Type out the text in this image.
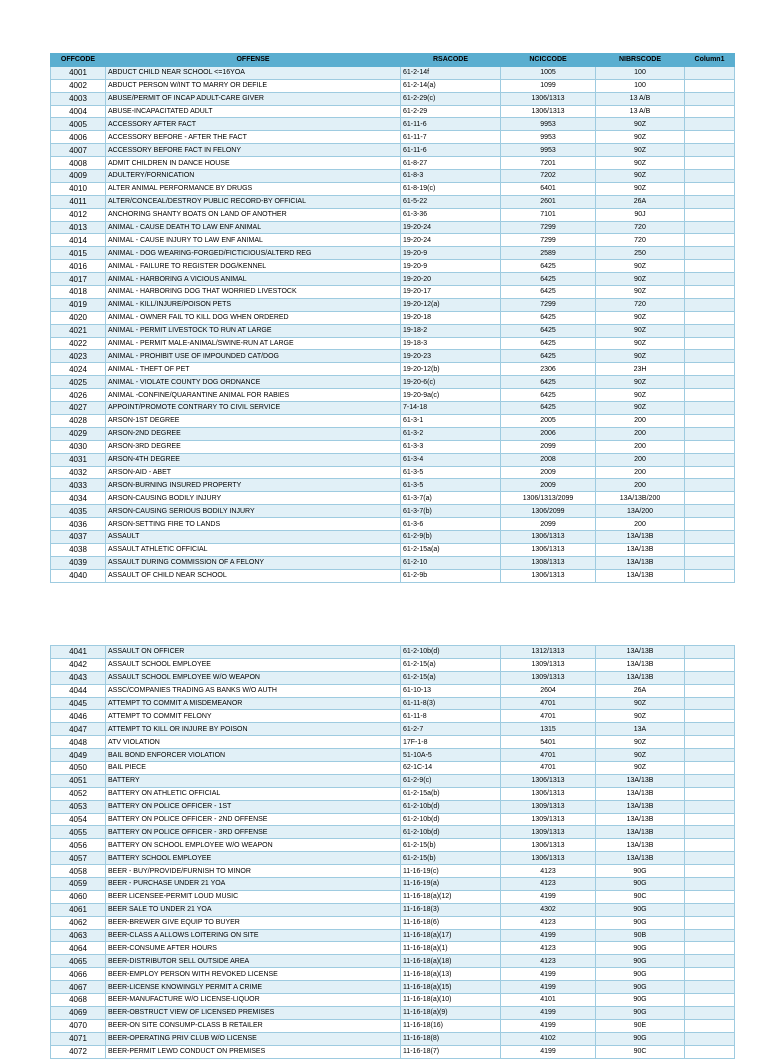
OFFCODE	OFFENSE	RSACODE	NCICCODE	NIBRSCODE	Column1
4001	ABDUCT CHILD NEAR SCHOOL <=16YOA	61-2-14f	1005	100	
4002	ABDUCT PERSON W/INT TO MARRY OR DEFILE	61-2-14(a)	1099	100	
4003	ABUSE/PERMIT OF INCAP ADULT-CARE GIVER	61-2-29(c)	1306/1313	13 A/B	
4004	ABUSE-INCAPACITATED ADULT	61-2-29	1306/1313	13 A/B	
4005	ACCESSORY AFTER FACT	61-11-6	9953	90Z	
4006	ACCESSORY BEFORE - AFTER THE FACT	61-11-7	9953	90Z	
4007	ACCESSORY BEFORE FACT IN FELONY	61-11-6	9953	90Z	
4008	ADMIT CHILDREN IN DANCE HOUSE	61-8-27	7201	90Z	
4009	ADULTERY/FORNICATION	61-8-3	7202	90Z	
4010	ALTER ANIMAL PERFORMANCE BY DRUGS	61-8-19(c)	6401	90Z	
4011	ALTER/CONCEAL/DESTROY PUBLIC RECORD-BY OFFICIAL	61-5-22	2601	26A	
4012	ANCHORING SHANTY BOATS ON LAND OF ANOTHER	61-3-36	7101	90J	
4013	ANIMAL - CAUSE DEATH TO LAW ENF ANIMAL	19-20-24	7299	720	
4014	ANIMAL - CAUSE INJURY TO LAW ENF ANIMAL	19-20-24	7299	720	
4015	ANIMAL - DOG WEARING-FORGED/FICTICIOUS/ALTERD REG	19-20-9	2589	250	
4016	ANIMAL - FAILURE TO REGISTER DOG/KENNEL	19-20-9	6425	90Z	
4017	ANIMAL - HARBORING A VICIOUS ANIMAL	19-20-20	6425	90Z	
4018	ANIMAL - HARBORING DOG THAT WORRIED LIVESTOCK	19-20-17	6425	90Z	
4019	ANIMAL - KILL/INJURE/POISON PETS	19-20-12(a)	7299	720	
4020	ANIMAL - OWNER FAIL TO KILL DOG WHEN ORDERED	19-20-18	6425	90Z	
4021	ANIMAL - PERMIT LIVESTOCK TO RUN AT LARGE	19-18-2	6425	90Z	
4022	ANIMAL - PERMIT MALE-ANIMAL/SWINE-RUN AT LARGE	19-18-3	6425	90Z	
4023	ANIMAL - PROHIBIT USE OF IMPOUNDED CAT/DOG	19-20-23	6425	90Z	
4024	ANIMAL - THEFT OF PET	19-20-12(b)	2306	23H	
4025	ANIMAL - VIOLATE COUNTY DOG ORDNANCE	19-20-6(c)	6425	90Z	
4026	ANIMAL -CONFINE/QUARANTINE ANIMAL FOR RABIES	19-20-9a(c)	6425	90Z	
4027	APPOINT/PROMOTE CONTRARY TO CIVIL SERVICE	7-14-18	6425	90Z	
4028	ARSON-1ST DEGREE	61-3-1	2005	200	
4029	ARSON-2ND DEGREE	61-3-2	2006	200	
4030	ARSON-3RD DEGREE	61-3-3	2099	200	
4031	ARSON-4TH DEGREE	61-3-4	2008	200	
4032	ARSON-AID - ABET	61-3-5	2009	200	
4033	ARSON-BURNING INSURED PROPERTY	61-3-5	2009	200	
4034	ARSON-CAUSING BODILY INJURY	61-3-7(a)	1306/1313/2099	13A/13B/200	
4035	ARSON-CAUSING SERIOUS BODILY INJURY	61-3-7(b)	1306/2099	13A/200	
4036	ARSON-SETTING FIRE TO LANDS	61-3-6	2099	200	
4037	ASSAULT	61-2-9(b)	1306/1313	13A/13B	
4038	ASSAULT ATHLETIC OFFICIAL	61-2-15a(a)	1306/1313	13A/13B	
4039	ASSAULT DURING COMMISSION OF A FELONY	61-2-10	1308/1313	13A/13B	
4040	ASSAULT OF CHILD NEAR SCHOOL	61-2-9b	1306/1313	13A/13B	
4041	ASSAULT ON OFFICER	61-2-10b(d)	1312/1313	13A/13B	
4042	ASSAULT SCHOOL EMPLOYEE	61-2-15(a)	1309/1313	13A/13B	
4043	ASSAULT SCHOOL EMPLOYEE W/O WEAPON	61-2-15(a)	1309/1313	13A/13B	
4044	ASSC/COMPANIES TRADING AS BANKS W/O AUTH	61-10-13	2604	26A	
4045	ATTEMPT TO COMMIT A MISDEMEANOR	61-11-8(3)	4701	90Z	
4046	ATTEMPT TO COMMIT FELONY	61-11-8	4701	90Z	
4047	ATTEMPT TO KILL OR INJURE BY POISON	61-2-7	1315	13A	
4048	ATV VIOLATION	17F-1-8	5401	90Z	
4049	BAIL BOND ENFORCER VIOLATION	51-10A-5	4701	90Z	
4050	BAIL PIECE	62-1C-14	4701	90Z	
4051	BATTERY	61-2-9(c)	1306/1313	13A/13B	
4052	BATTERY ON ATHLETIC OFFICIAL	61-2-15a(b)	1306/1313	13A/13B	
4053	BATTERY ON POLICE OFFICER - 1ST	61-2-10b(d)	1309/1313	13A/13B	
4054	BATTERY ON POLICE OFFICER - 2ND OFFENSE	61-2-10b(d)	1309/1313	13A/13B	
4055	BATTERY ON POLICE OFFICER - 3RD OFFENSE	61-2-10b(d)	1309/1313	13A/13B	
4056	BATTERY ON SCHOOL EMPLOYEE W/O WEAPON	61-2-15(b)	1306/1313	13A/13B	
4057	BATTERY SCHOOL EMPLOYEE	61-2-15(b)	1306/1313	13A/13B	
4058	BEER - BUY/PROVIDE/FURNISH TO MINOR	11-16-19(c)	4123	90G	
4059	BEER - PURCHASE UNDER 21 YOA	11-16-19(a)	4123	90G	
4060	BEER LICENSEE-PERMIT LOUD MUSIC	11-16-18(a)(12)	4199	90C	
4061	BEER SALE TO UNDER 21 YOA	11-16-18(3)	4302	90G	
4062	BEER-BREWER GIVE EQUIP TO BUYER	11-16-18(6)	4123	90G	
4063	BEER-CLASS A ALLOWS LOITERING ON SITE	11-16-18(a)(17)	4199	90B	
4064	BEER-CONSUME AFTER HOURS	11-16-18(a)(1)	4123	90G	
4065	BEER-DISTRIBUTOR SELL OUTSIDE AREA	11-16-18(a)(18)	4123	90G	
4066	BEER-EMPLOY PERSON WITH REVOKED LICENSE	11-16-18(a)(13)	4199	90G	
4067	BEER-LICENSE KNOWINGLY PERMIT A CRIME	11-16-18(a)(15)	4199	90G	
4068	BEER-MANUFACTURE W/O LICENSE-LIQUOR	11-16-18(a)(10)	4101	90G	
4069	BEER-OBSTRUCT VIEW OF LICENSED PREMISES	11-16-18(a)(9)	4199	90G	
4070	BEER-ON SITE CONSUMP-CLASS B RETAILER	11-16-18(16)	4199	90E	
4071	BEER-OPERATING PRIV CLUB W/O LICENSE	11-16-18(8)	4102	90G	
4072	BEER-PERMIT LEWD CONDUCT ON PREMISES	11-16-18(7)	4199	90C	
